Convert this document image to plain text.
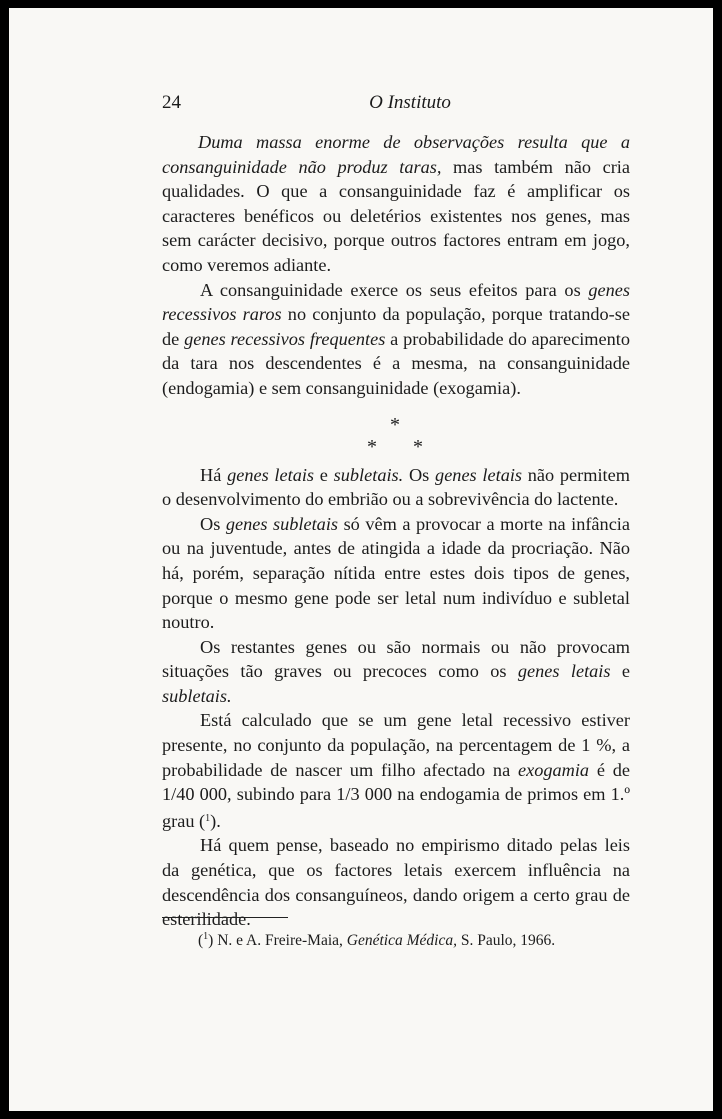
24	O Instituto

Duma massa enorme de observações resulta que a consanguinidade não produz taras, mas também não cria qualidades. O que a consanguinidade faz é amplificar os caracteres benéficos ou deletérios existentes nos genes, mas sem carácter decisivo, porque outros factores entram em jogo, como veremos adiante.

A consanguinidade exerce os seus efeitos para os genes recessivos raros no conjunto da população, porque tratando-se de genes recessivos frequentes a probabilidade do aparecimento da tara nos descendentes é a mesma, na consanguinidade (endogamia) e sem consanguinidade (exogamia).

*
* *

Há genes letais e subletais. Os genes letais não permitem o desenvolvimento do embrião ou a sobrevivência do lactente.

Os genes subletais só vêm a provocar a morte na infância ou na juventude, antes de atingida a idade da procriação. Não há, porém, separação nítida entre estes dois tipos de genes, porque o mesmo gene pode ser letal num indivíduo e subletal noutro.

Os restantes genes ou são normais ou não provocam situações tão graves ou precoces como os genes letais e subletais.

Está calculado que se um gene letal recessivo estiver presente, no conjunto da população, na percentagem de 1 %, a probabilidade de nascer um filho afectado na exogamia é de 1/40 000, subindo para 1/3 000 na endogamia de primos em 1.º grau ($^1$).

Há quem pense, baseado no empirismo ditado pelas leis da genética, que os factores letais exercem influência na descendência dos consanguíneos, dando origem a certo grau de esterilidade.

($^1$) N. e A. Freire-Maia, Genética Médica, S. Paulo, 1966.
